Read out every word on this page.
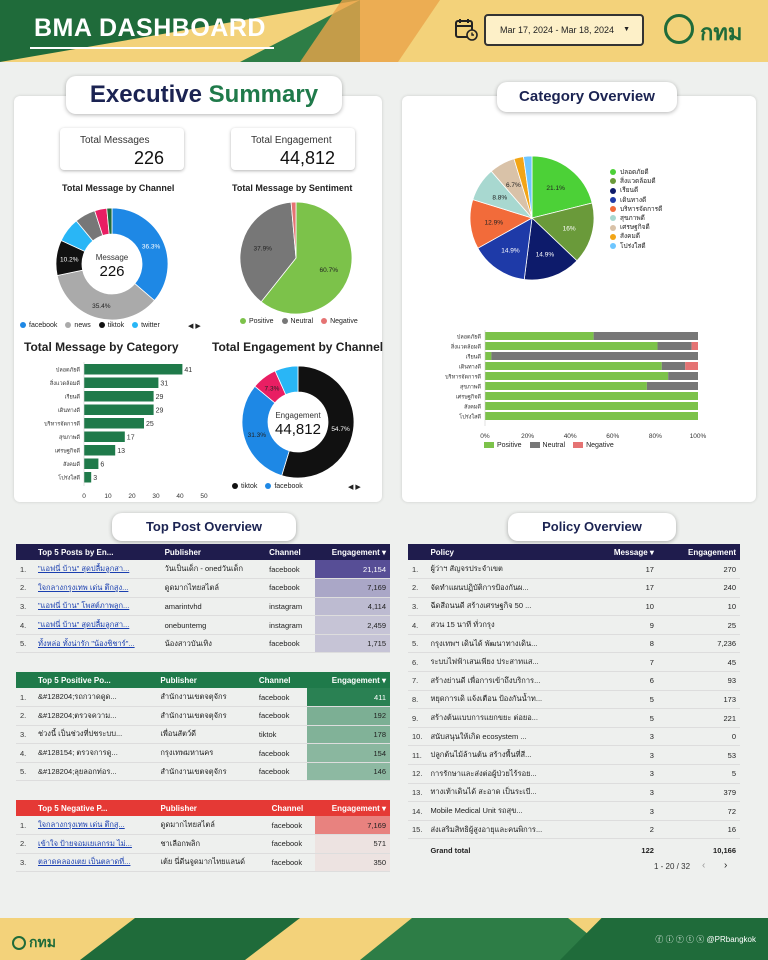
BMA DASHBOARD	Mar 17, 2024 - Mar 18, 2024 ▼	กทม
Executive Summary
Total Messages
226
Total Engagement
44,812
Total Message by Channel
36.3%
35.4%
10.2% Message
226
facebook news tiktok twitter	◀ ▶
Total Message by Sentiment
60.7%
37.9%
Positive Neutral Negative
Total Message by Category
ปลอดภัยดี	41
สิ่งแวดล้อมดี	31
เรียนดี	29
เดินทางดี	29
บริหารจัดการดี	25
สุขภาพดี	17
เศรษฐกิจดี	13
สังคมดี	6
โปร่งใสดี 3
0	10	20	30	40	50
Total Engagement by Channel
54.7%
31.3%
7.3%
Engagement
44,812
tiktok facebook	◀ ▶
Category Overview
21.1%
16%
14.9%
14.9%
12.9%
8.8%
6.7%
ปลอดภัยดี
สิ่งแวดล้อมดี
เรียนดี
เดินทางดี
บริหารจัดการดี
สุขภาพดี
เศรษฐกิจดี
สังคมดี
โปร่งใสดี
ปลอดภัยดี
สิ่งแวดล้อมดี
เรียนดี
เดินทางดี
บริหารจัดการดี
สุขภาพดี
เศรษฐกิจดี
สังคมดี
โปร่งใสดี
0%	20%	40%	60%	80%	100%
Positive	Neutral	Negative
Top Post Overview
	Top 5 Posts by En...	Publisher	Channel	Engagement ▾
1.	"แอฟนี่ บ้าน" สุดปลื้มลูกสา...	วันเป็นเด็ก - onedวันเด็ก	facebook	21,154
2.	ใจกลางกรุงเทพ เด่น ตึกสูง...	ดูดมากไทยสไตล์	facebook	7,169
3.	"แอฟนี่ บ้าน" โพสต์ภาพลูก...	amarintvhd	instagram	4,114
4.	"แอฟนี่ บ้าน" สุดปลื้มลูกสา...	onebuntemg	instagram	2,459
5.	ทั้งหล่อ ทั้งน่ารัก "น้องชิชาร์"...	น้องสาวบันเทิง	facebook	1,715
	Top 5 Positive Po...	Publisher	Channel	Engagement ▾
1.	&#128204;รถกวาดดูด...	สำนักงานเขตจตุจักร	facebook	411
2.	&#128204;ตรวจความ...	สำนักงานเขตจตุจักร	facebook	192
3.	ช่วงนี้ เป็นช่วงที่ปชระบบ...	เพื่อนสัตว์ดี	tiktok	178
4.	&#128154; ตรวจการดู...	กรุงเทพมหานคร	facebook	154
5.	&#128204;ลุยลอกท่อร...	สำนักงานเขตจตุจักร	facebook	146
	Top 5 Negative P...	Publisher	Channel	Engagement ▾
1.	ใจกลางกรุงเทพ เด่น ตึกสู...	ดูดมากไทยสไตล์	facebook	7,169
2.	เข้าใจ ป้ายจอมเยเลกรม ไม่...	ชาเลือกพลิก	facebook	571
3.	ตลาดคลองเตย เป็นตลาดที่...	เต้ย นี่ดีนจูดมากไทยแลนด์	facebook	350
Policy Overview
	Policy	Message ▾	Engagement
1.	ผู้ว่าฯ สัญจรประจำเขต	17	270
2.	จัดทำแผนปฏิบัติการป้องกันผ...	17	240
3.	ฉีดสีถนนดี สร้างเศรษฐกิจ 50 ...	10	10
4.	สวน 15 นาที ทั่วกรุง	9	25
5.	กรุงเทพฯ เดินได้ พัฒนาทางเดิน...	8	7,236
6.	ระบบไฟฟ้าเสนเพียง ประสาทแส...	7	45
7.	สร้างย่านดี เพื่อการเข้าถึงบริการ...	6	93
8.	หยุดการเดิ แจ้งเตือน ป้องกันน้ำท...	5	173
9.	สร้างต้นแบบการแยกขยะ ต่อยอ...	5	221
10.	สนับสนุนให้เกิด ecosystem ...	3	0
11.	ปลูกต้นไม้ล้านต้น สร้างพื้นที่สี...	3	53
12.	การรักษาและส่งต่อผู้ป่วยไร้รอย...	3	5
13.	ทางเท้าเดินได้ สะอาด เป็นระเบี...	3	379
14.	Mobile Medical Unit รถสุข...	3	72
15.	ส่งเสริมสิทธิผู้สูงอายุและคนพิการ...	2	16
	Grand total	122	10,166
1 - 20 / 32 ‹ ›
กทม	ⓕ ⓘ ⓨ ⓣ ⓧ @PRbangkok
